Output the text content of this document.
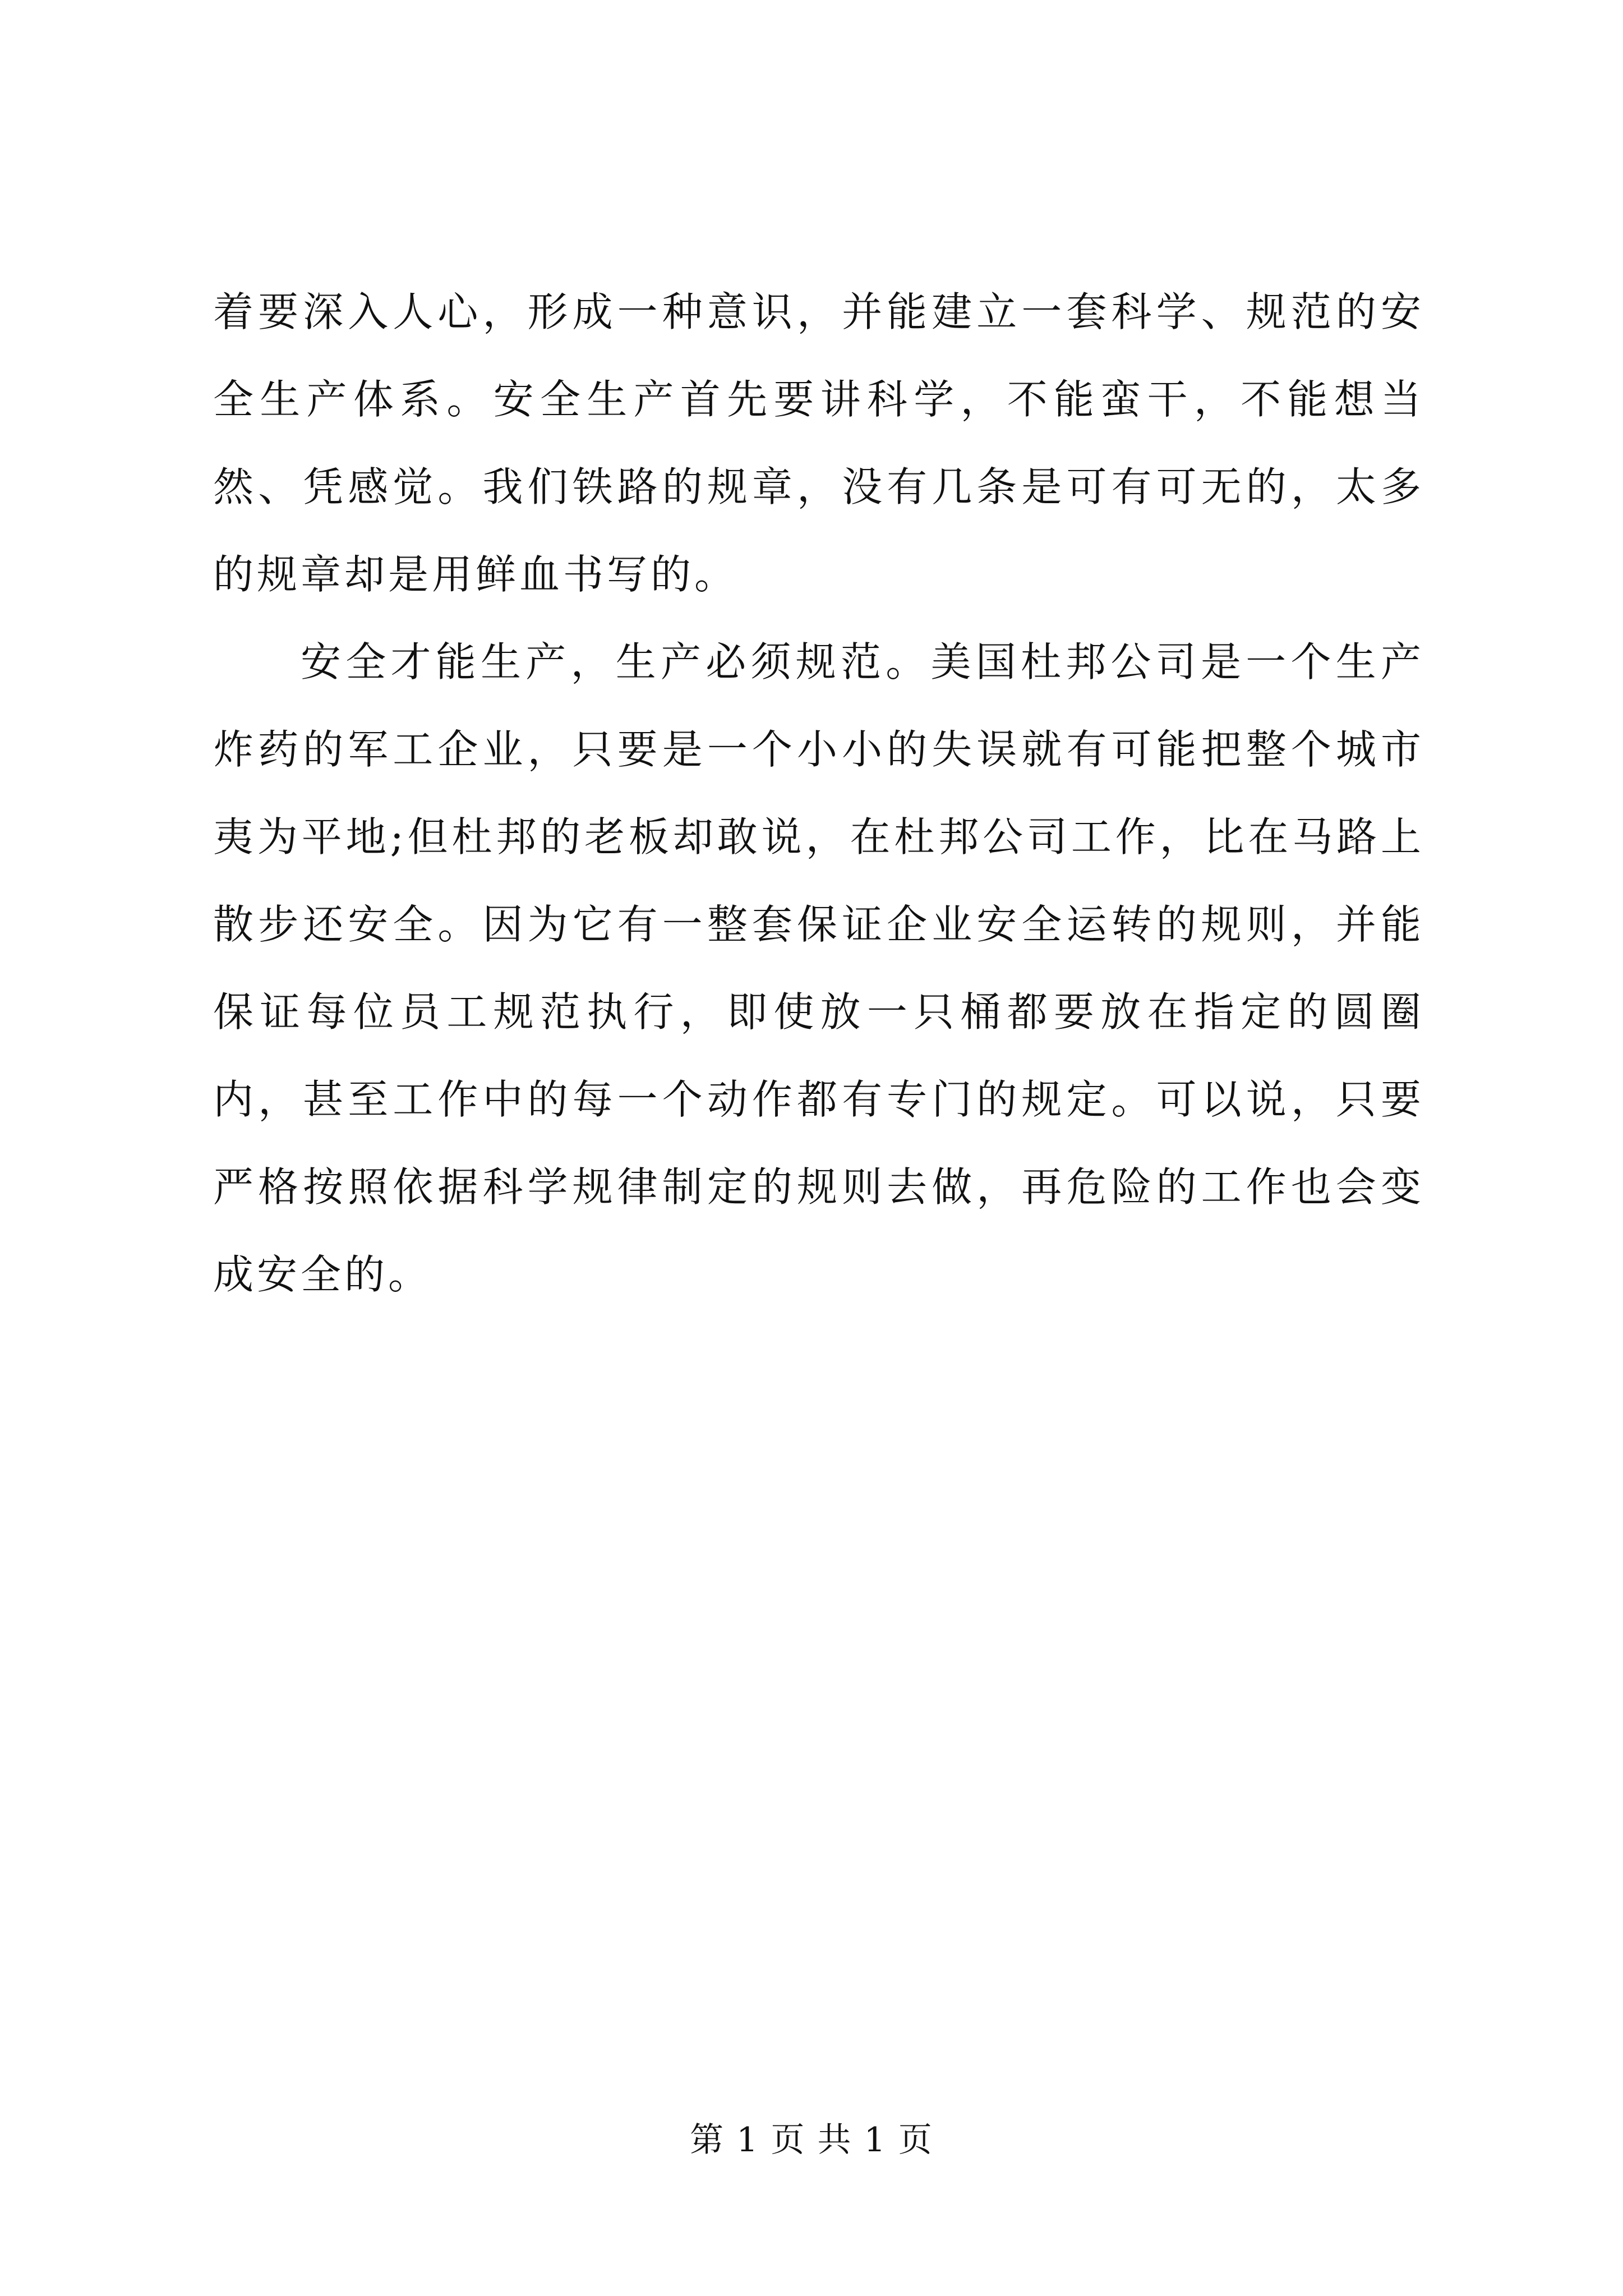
着要深入人心，形成一种意识，并能建立一套科学、规范的安全生产体系。安全生产首先要讲科学，不能蛮干，不能想当然、凭感觉。我们铁路的规章，没有几条是可有可无的，太多的规章却是用鲜血书写的。

安全才能生产，生产必须规范。美国杜邦公司是一个生产炸药的军工企业，只要是一个小小的失误就有可能把整个城市夷为平地;但杜邦的老板却敢说，在杜邦公司工作，比在马路上散步还安全。因为它有一整套保证企业安全运转的规则，并能保证每位员工规范执行，即使放一只桶都要放在指定的圆圈内，甚至工作中的每一个动作都有专门的规定。可以说，只要严格按照依据科学规律制定的规则去做，再危险的工作也会变成安全的。

第 1 页 共 1 页
